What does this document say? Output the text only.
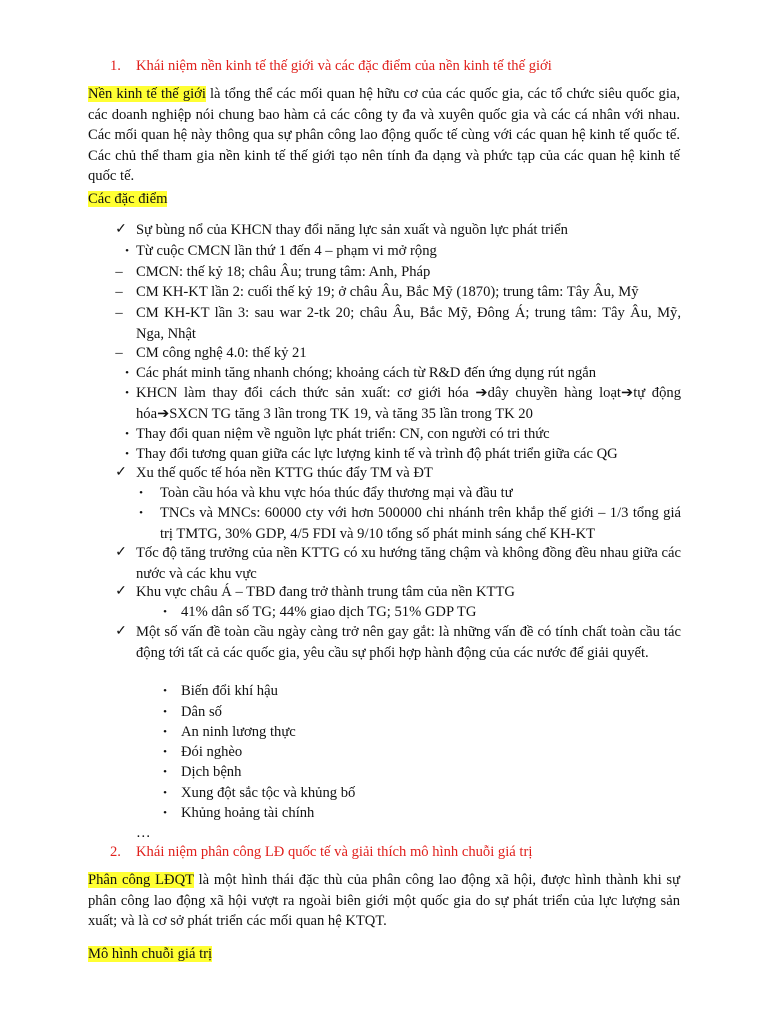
1. Khái niệm nền kinh tế thế giới và các đặc điểm của nền kinh tế thế giới
Nền kinh tế thế giới là tổng thể các mối quan hệ hữu cơ của các quốc gia, các tổ chức siêu quốc gia, các doanh nghiệp nói chung bao hàm cả các công ty đa và xuyên quốc gia và các cá nhân với nhau. Các mối quan hệ này thông qua sự phân công lao động quốc tế cùng với các quan hệ kinh tế quốc tế. Các chủ thể tham gia nền kinh tế thế giới tạo nên tính đa dạng và phức tạp của các quan hệ kinh tế quốc tế.
Các đặc điểm
✓ Sự bùng nổ của KHCN thay đổi năng lực sản xuất và nguồn lực phát triển
• Từ cuộc CMCN lần thứ 1 đến 4 – phạm vi mở rộng
– CMCN: thế kỷ 18; châu Âu; trung tâm: Anh, Pháp
– CM KH-KT lần 2: cuối thế kỷ 19; ở châu Âu, Bắc Mỹ (1870); trung tâm: Tây Âu, Mỹ
– CM KH-KT lần 3: sau war 2-tk 20; châu Âu, Bắc Mỹ, Đông Á; trung tâm: Tây Âu, Mỹ, Nga, Nhật
– CM công nghệ 4.0: thế kỷ 21
• Các phát minh tăng nhanh chóng; khoảng cách từ R&D đến ứng dụng rút ngắn
• KHCN làm thay đổi cách thức sản xuất: cơ giới hóa ➔dây chuyền hàng loạt➔tự động hóa➔SXCN TG tăng 3 lần trong TK 19, và tăng 35 lần trong TK 20
• Thay đổi quan niệm về nguồn lực phát triển: CN, con người có tri thức
• Thay đổi tương quan giữa các lực lượng kinh tế và trình độ phát triển giữa các QG
✓ Xu thế quốc tế hóa nền KTTG thúc đẩy TM và ĐT
• Toàn cầu hóa và khu vực hóa thúc đẩy thương mại và đầu tư
• TNCs và MNCs: 60000 cty với hơn 500000 chi nhánh trên khắp thế giới – 1/3 tổng giá trị TMTG, 30% GDP, 4/5 FDI và 9/10 tổng số phát minh sáng chế KH-KT
✓ Tốc độ tăng trưởng của nền KTTG có xu hướng tăng chậm và không đồng đều nhau giữa các nước và các khu vực
✓ Khu vực châu Á – TBD đang trở thành trung tâm của nền KTTG
• 41% dân số TG; 44% giao dịch TG; 51% GDP TG
✓ Một số vấn đề toàn cầu ngày càng trở nên gay gắt: là những vấn đề có tính chất toàn cầu tác động tới tất cả các quốc gia, yêu cầu sự phối hợp hành động của các nước để giải quyết.
• Biến đổi khí hậu
• Dân số
• An ninh lương thực
• Đói nghèo
• Dịch bệnh
• Xung đột sắc tộc và khủng bố
• Khủng hoảng tài chính
…
2. Khái niệm phân công LĐ quốc tế và giải thích mô hình chuỗi giá trị
Phân công LĐQT là một hình thái đặc thù của phân công lao động xã hội, được hình thành khi sự phân công lao động xã hội vượt ra ngoài biên giới một quốc gia do sự phát triển của lực lượng sản xuất; và là cơ sở phát triển các mối quan hệ KTQT.
Mô hình chuỗi giá trị
